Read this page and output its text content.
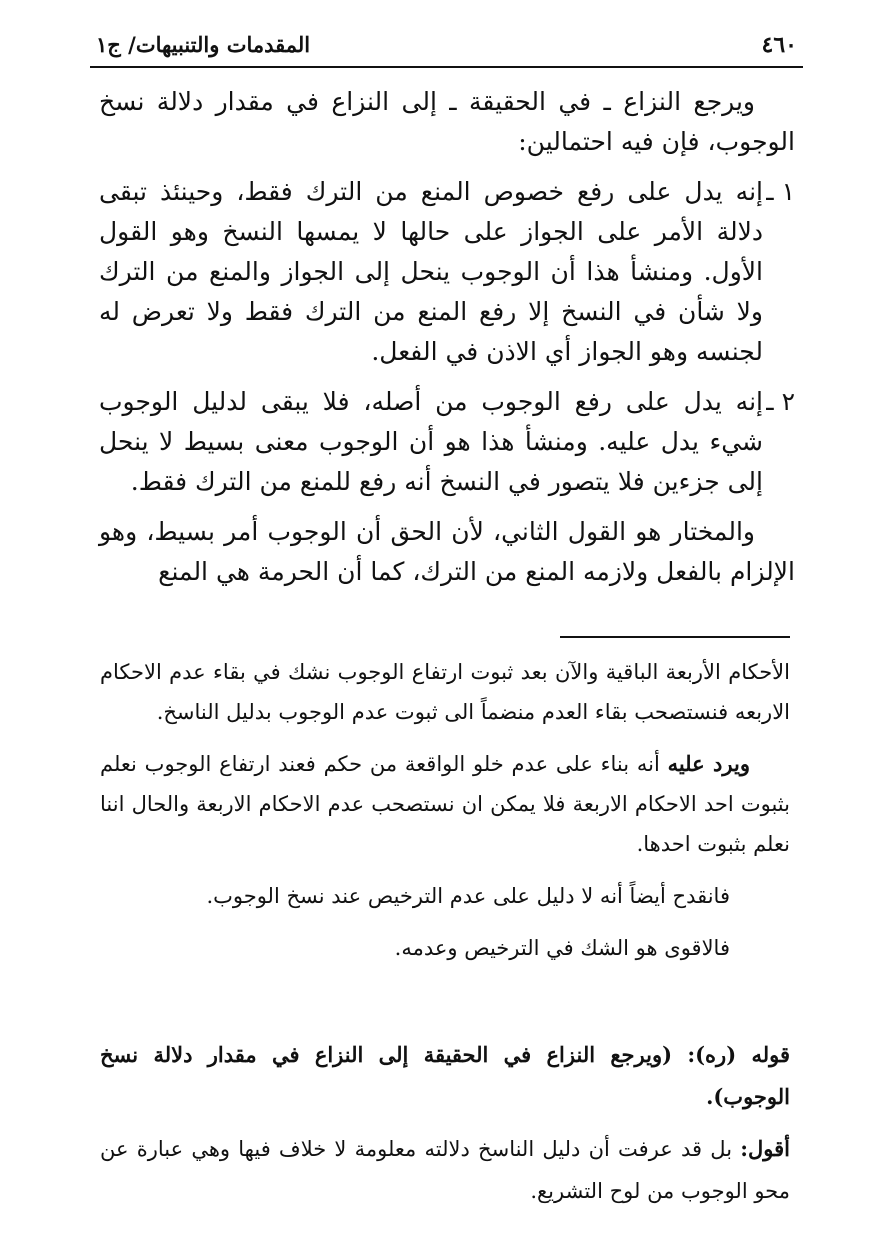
٤٦٠
المقدمات والتنبيهات/ ج١

ويرجع النزاع ـ في الحقيقة ـ إلى النزاع في مقدار دلالة نسخ الوجوب، فإن فيه احتمالين:

١ ـ
إنه يدل على رفع خصوص المنع من الترك فقط، وحينئذ تبقى دلالة الأمر على الجواز على حالها لا يمسها النسخ وهو القول الأول. ومنشأ هذا أن الوجوب ينحل إلى الجواز والمنع من الترك ولا شأن في النسخ إلا رفع المنع من الترك فقط ولا تعرض له لجنسه وهو الجواز أي الاذن في الفعل.
٢ ـ
إنه يدل على رفع الوجوب من أصله، فلا يبقى لدليل الوجوب شيء يدل عليه. ومنشأ هذا هو أن الوجوب معنى بسيط لا ينحل إلى جزءين فلا يتصور في النسخ أنه رفع للمنع من الترك فقط.

والمختار هو القول الثاني، لأن الحق أن الوجوب أمر بسيط، وهو الإلزام بالفعل ولازمه المنع من الترك، كما أن الحرمة هي المنع

الأحكام الأربعة الباقية والآن بعد ثبوت ارتفاع الوجوب نشك في بقاء عدم الاحكام الاربعه فنستصحب بقاء العدم منضماً الى ثبوت عدم الوجوب بدليل الناسخ.

ويرد عليه أنه بناء على عدم خلو الواقعة من حكم فعند ارتفاع الوجوب نعلم بثبوت احد الاحكام الاربعة فلا يمكن ان نستصحب عدم الاحكام الاربعة والحال اننا نعلم بثبوت احدها.

فانقدح أيضاً أنه لا دليل على عدم الترخيص عند نسخ الوجوب.

فالاقوى هو الشك في الترخيص وعدمه.

قوله (ره): (ويرجع النزاع في الحقيقة إلى النزاع في مقدار دلالة نسخ الوجوب).

أقول: بل قد عرفت أن دليل الناسخ دلالته معلومة لا خلاف فيها وهي عبارة عن محو الوجوب من لوح التشريع.
